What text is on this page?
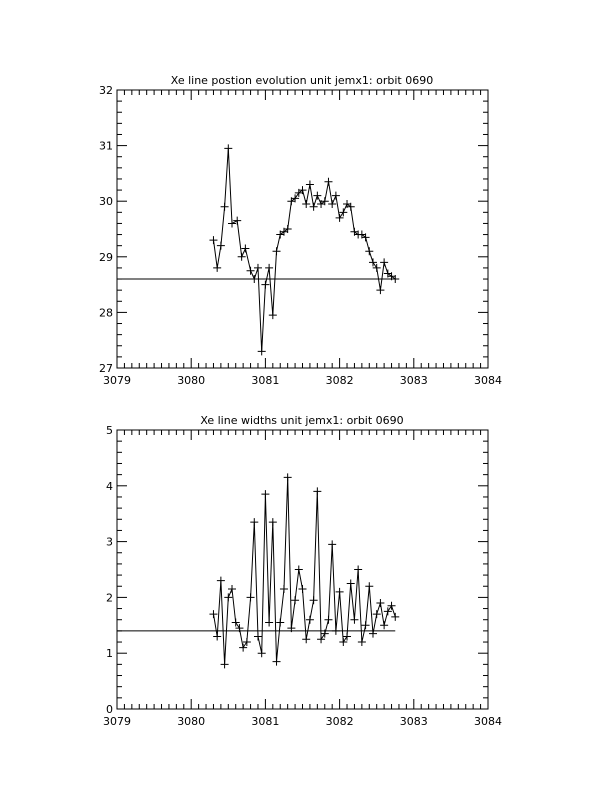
Xe line postion evolution unit jemx1: orbit 0690
3079	3080	3081	3082	3083	3084
27
28
29
30
31
32
Xe line widths unit jemx1: orbit 0690
3079	3080	3081	3082	3083	3084
0
1
2
3
4
5
